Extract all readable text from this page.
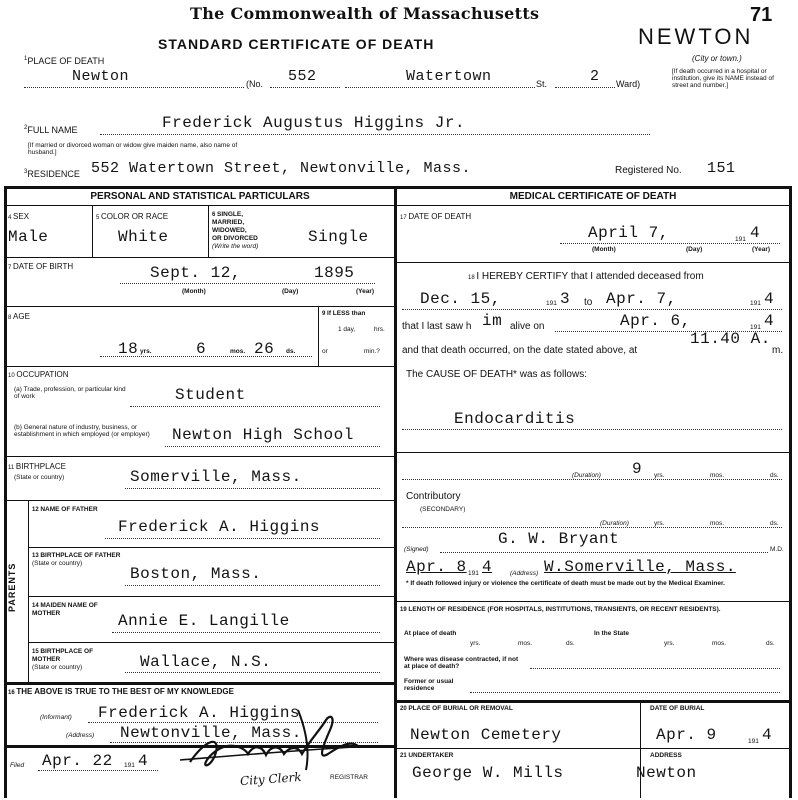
The Commonwealth of Massachusetts
STANDARD CERTIFICATE OF DEATH	NEWTON
71
(City or town.)
$^1$PLACE OF DEATH
Newton	(No. 552	Watertown	St.	2 Ward)
[If death occurred in a hospital or institution, give its NAME instead of street and number.]
$^2$FULL NAME	Frederick Augustus Higgins Jr.
[If married or divorced woman or widow give maiden name, also name of husband.]
$^3$RESIDENCE 552 Watertown Street, Newtonville, Mass.	Registered No. 151
PERSONAL AND STATISTICAL PARTICULARS	MEDICAL CERTIFICATE OF DEATH
4 SEX
Male
5 COLOR OR RACE
White
6 SINGLE,
MARRIED,
WIDOWED,
OR DIVORCED
(Write the word)
Single
7 DATE OF BIRTH	Sept. 12,	1895
(Month)	(Day)	(Year)
8 AGE
18 yrs.	6	mos. 26 ds.
9 If LESS than
1 day,	hrs.
or	min.?
10 OCCUPATION
(a) Trade, profession, or particular kind of work	Student
(b) General nature of industry, business, or establishment in which employed (or employer)	Newton High School
11 BIRTHPLACE
(State or country)	Somerville, Mass.
PARENTS
12 NAME OF FATHER
Frederick A. Higgins
13 BIRTHPLACE OF FATHER
(State or country)
Boston, Mass.
14 MAIDEN NAME OF MOTHER	Annie E. Langille
15 BIRTHPLACE OF MOTHER
(State or country)	Wallace, N.S.
16 THE ABOVE IS TRUE TO THE BEST OF MY KNOWLEDGE
(Informant) Frederick A. Higgins
(Address) Newtonville, Mass.
Filed Apr. 22 191 4
REGISTRAR
City Clerk
17 DATE OF DEATH
April 7,	191 4
(Month)	(Day)	(Year)
18 I HEREBY CERTIFY that I attended deceased from
Dec. 15,	191 3 to Apr. 7,	191 4
that I last saw h im alive on	Apr. 6,	191 4
and that death occurred, on the date stated above, at
11.40 A.
m.
The CAUSE OF DEATH* was as follows:
Endocarditis
(Duration) 9 yrs.	mos.	ds.
Contributory
(SECONDARY)
(Duration)	yrs.	mos.	ds.
(Signed)
G. W. Bryant
M.D.
Apr. 8 191 4	(Address) W.Somerville, Mass.
* If death followed injury or violence the certificate of death must be made out by the Medical Examiner.
19 LENGTH OF RESIDENCE (FOR HOSPITALS, INSTITUTIONS, TRANSIENTS, OR RECENT RESIDENTS).
At place of death
yrs.	mos.	ds.
In the State
yrs.	mos.	ds.
Where was disease contracted, if not at place of death?
Former or usual residence
20 PLACE OF BURIAL OR REMOVAL
Newton Cemetery
DATE OF BURIAL
Apr. 9	191 4
21 UNDERTAKER
George W. Mills
ADDRESS
Newton
